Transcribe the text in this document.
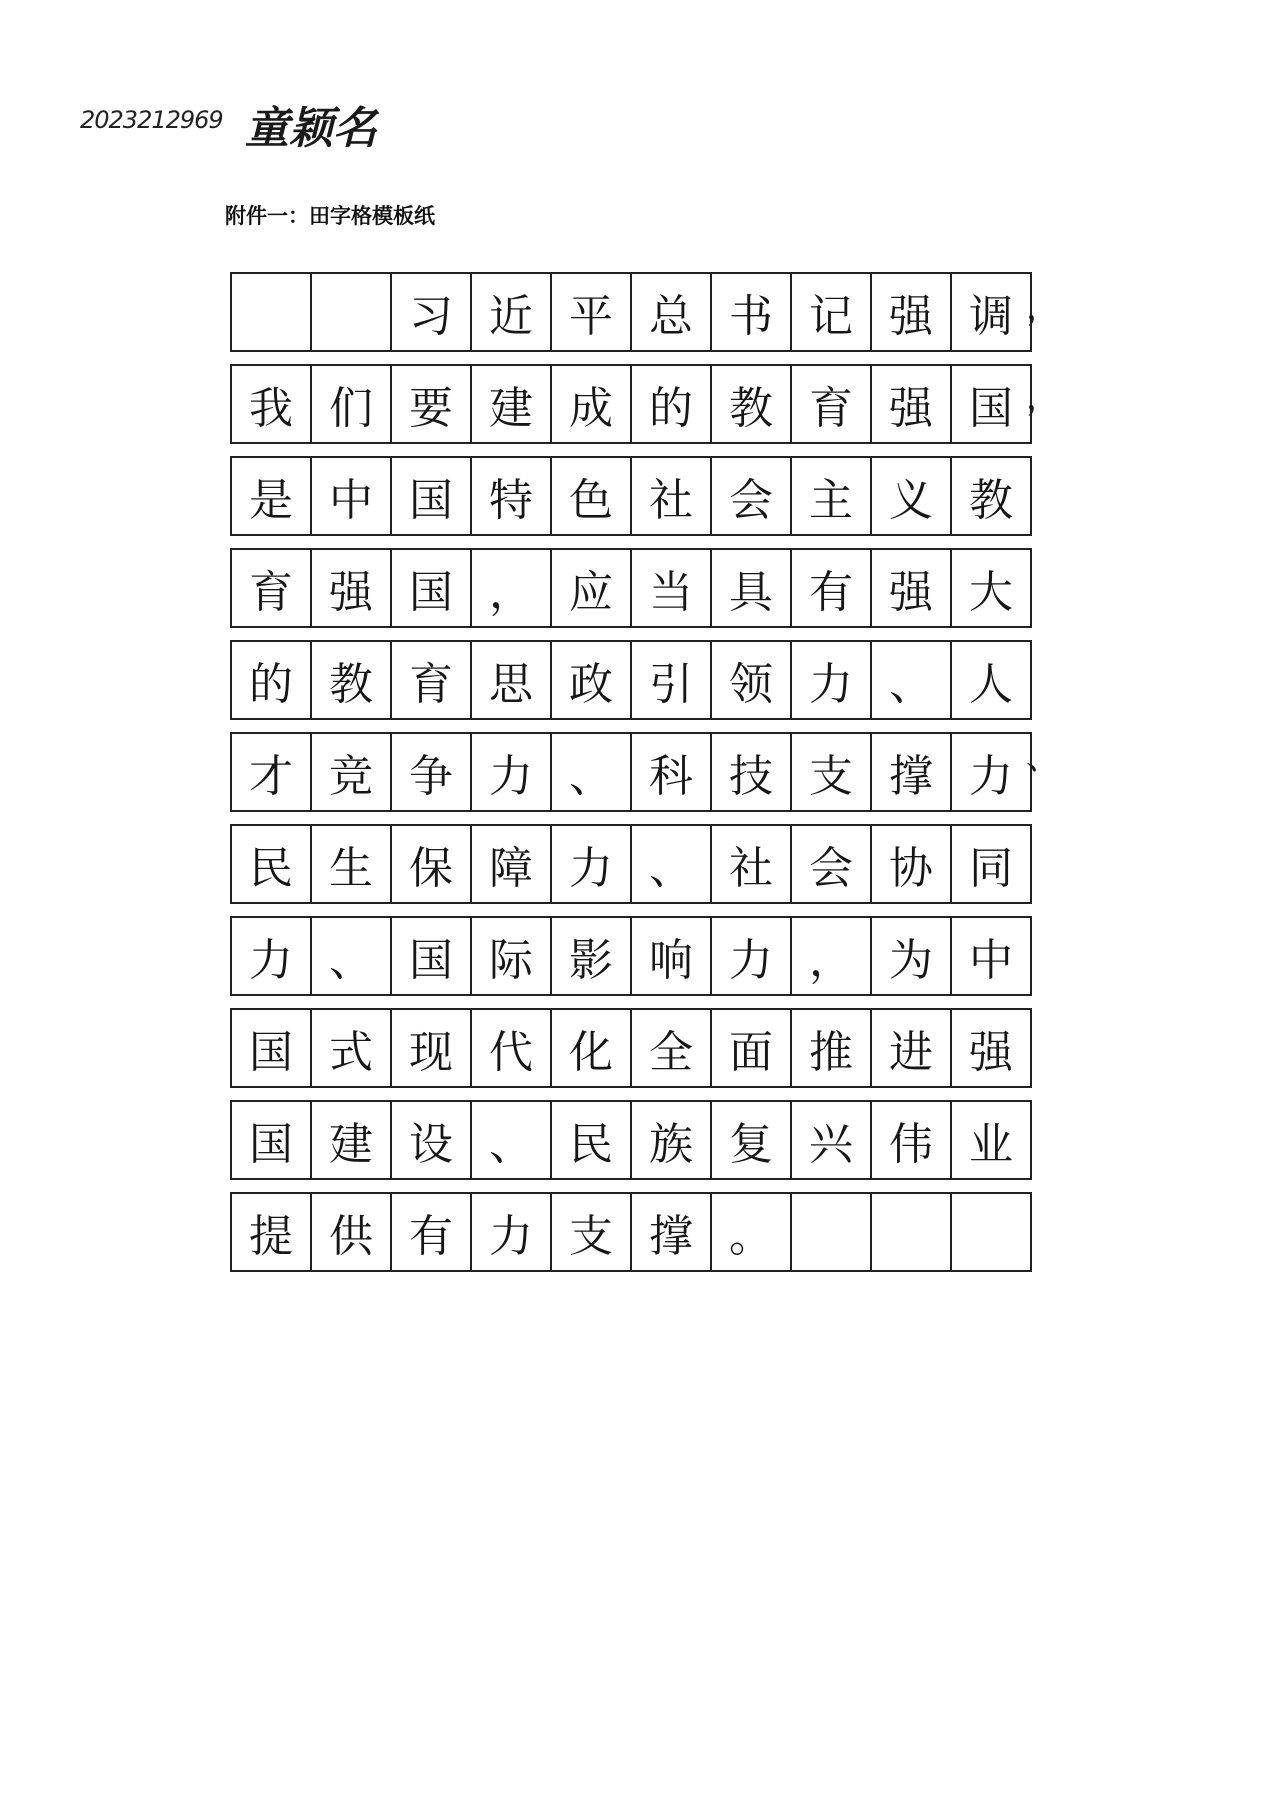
2023212969 童颖名
附件一：田字格模板纸
习 近 平 总 书 记 强 调 ，
我 们 要 建 成 的 教 育 强 国 ，
是 中 国 特 色 社 会 主 义 教
育 强 国 ， 应 当 具 有 强 大
的 教 育 思 政 引 领 力 、 人
才 竞 争 力 、 科 技 支 撑 力 、
民 生 保 障 力 、 社 会 协 同
力 、 国 际 影 响 力 ， 为 中
国 式 现 代 化 全 面 推 进 强
国 建 设 、 民 族 复 兴 伟 业
提 供 有 力 支 撑 。
